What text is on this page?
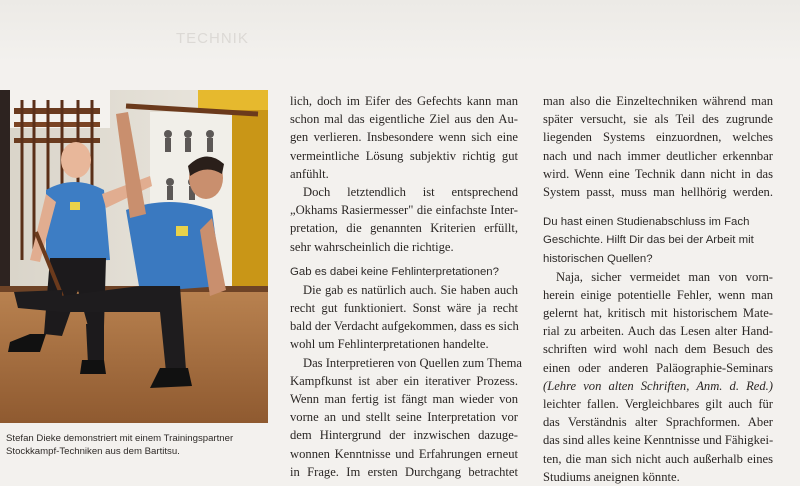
TECHNIK
Stefan Dieke demonstriert mit einem Trainingspartner
Stockkampf-Techniken aus dem Bartitsu.
lich, doch im Eifer des Gefechts kann man
schon mal das eigentliche Ziel aus den Au-
gen verlieren. Insbesondere wenn sich eine
vermeintliche Lösung subjektiv richtig gut
anfühlt.
Doch letztendlich ist entsprechend
„Okhams Rasiermesser" die einfachste Inter-
pretation, die genannten Kriterien erfüllt,
sehr wahrscheinlich die richtige.
Gab es dabei keine Fehlinterpretationen?
Die gab es natürlich auch. Sie haben auch
recht gut funktioniert. Sonst wäre ja recht
bald der Verdacht aufgekommen, dass es sich
wohl um Fehlinterpretationen handelte.
Das Interpretieren von Quellen zum Thema
Kampfkunst ist aber ein iterativer Prozess.
Wenn man fertig ist fängt man wieder von
vorne an und stellt seine Interpretation vor
dem Hintergrund der inzwischen dazuge-
wonnen Kenntnisse und Erfahrungen erneut
in Frage. Im ersten Durchgang betrachtet
man also die Einzeltechniken während man
später versucht, sie als Teil des zugrunde
liegenden Systems einzuordnen, welches
nach und nach immer deutlicher erkennbar
wird. Wenn eine Technik dann nicht in das
System passt, muss man hellhörig werden.
Du hast einen Studienabschluss im Fach
Geschichte. Hilft Dir das bei der Arbeit mit
historischen Quellen?
Naja, sicher vermeidet man von vorn-
herein einige potentielle Fehler, wenn man
gelernt hat, kritisch mit historischem Mate-
rial zu arbeiten. Auch das Lesen alter Hand-
schriften wird wohl nach dem Besuch des
einen oder anderen Paläographie-Seminars
(Lehre von alten Schriften, Anm. d. Red.)
leichter fallen. Vergleichbares gilt auch für
das Verständnis alter Sprachformen. Aber
das sind alles keine Kenntnisse und Fähigkei-
ten, die man sich nicht auch außerhalb eines
Studiums aneignen könnte.
